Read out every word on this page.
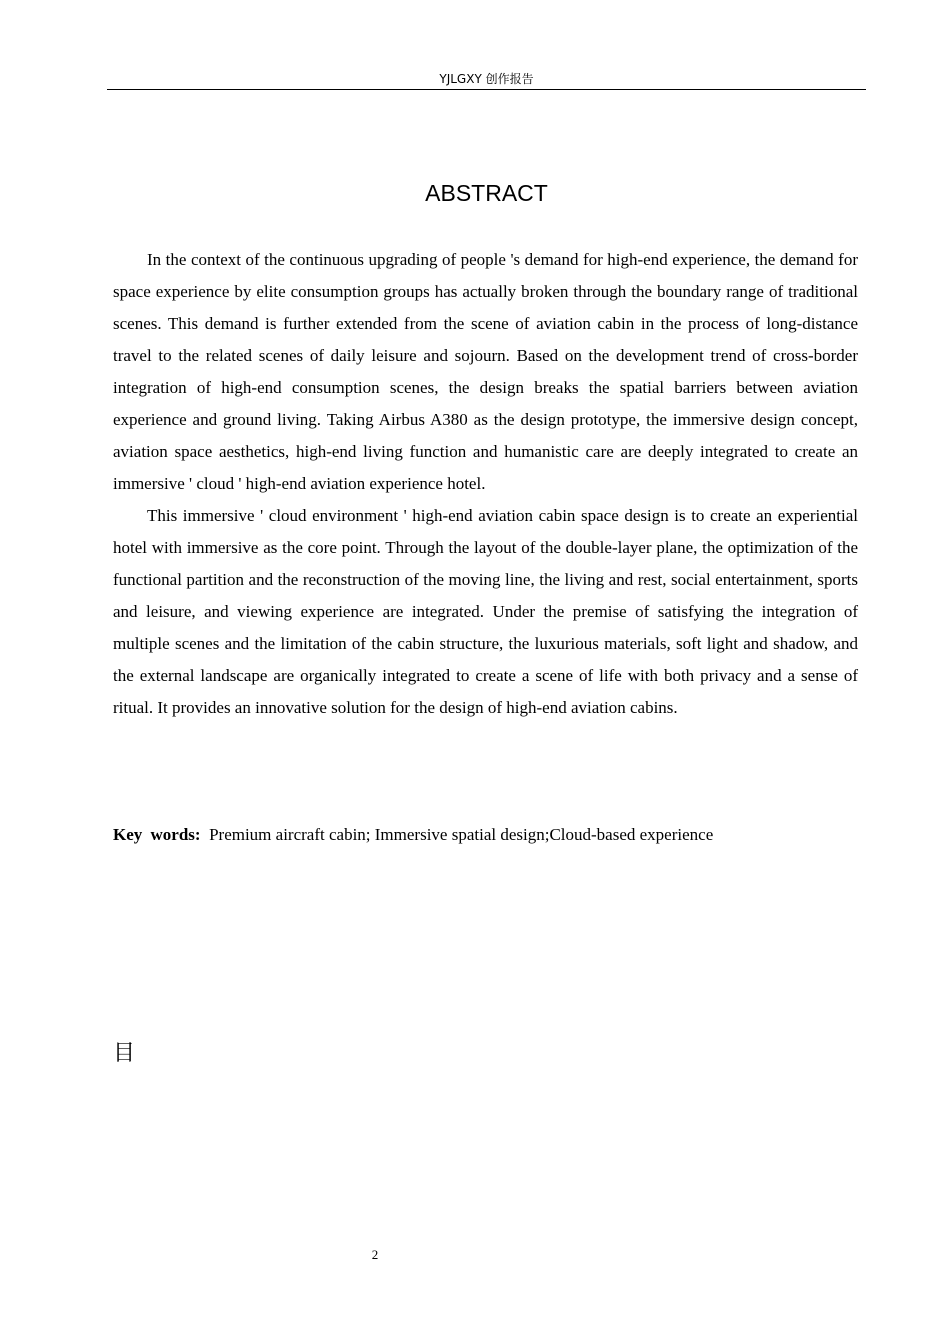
YJLGXY 创作报告
ABSTRACT

In the context of the continuous upgrading of people 's demand for high-end experience, the demand for space experience by elite consumption groups has actually broken through the boundary range of traditional scenes. This demand is further extended from the scene of aviation cabin in the process of long-distance travel to the related scenes of daily leisure and sojourn. Based on the development trend of cross-border integration of high-end consumption scenes, the design breaks the spatial barriers between aviation experience and ground living. Taking Airbus A380 as the design prototype, the immersive design concept, aviation space aesthetics, high-end living function and humanistic care are deeply integrated to create an immersive ' cloud ' high-end aviation experience hotel.

This immersive ' cloud environment ' high-end aviation cabin space design is to create an experiential hotel with immersive as the core point. Through the layout of the double-layer plane, the optimization of the functional partition and the reconstruction of the moving line, the living and rest, social entertainment, sports and leisure, and viewing experience are integrated. Under the premise of satisfying the integration of multiple scenes and the limitation of the cabin structure, the luxurious materials, soft light and shadow, and the external landscape are organically integrated to create a scene of life with both privacy and a sense of ritual. It provides an innovative solution for the design of high-end aviation cabins.

Key words: Premium aircraft cabin; Immersive spatial design;Cloud-based experience
目
2
